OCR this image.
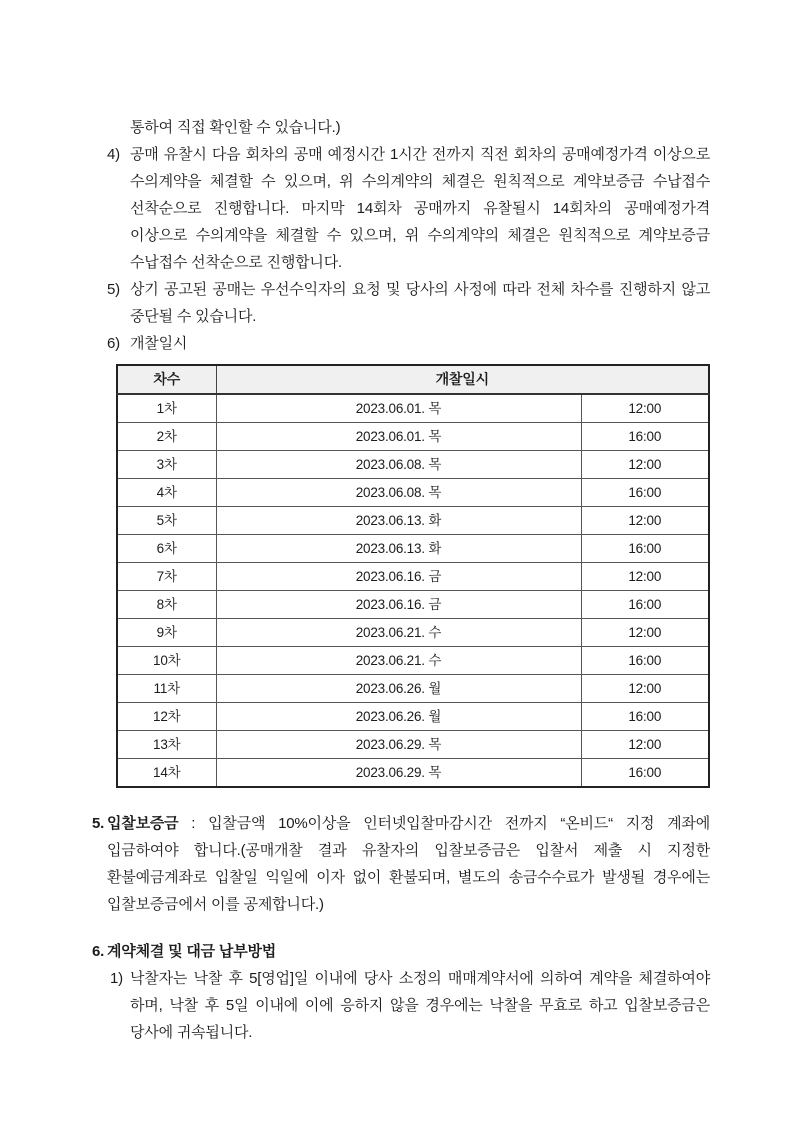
통하여 직접 확인할 수 있습니다.)
4) 공매 유찰시 다음 회차의 공매 예정시간 1시간 전까지 직전 회차의 공매예정가격 이상으로 수의계약을 체결할 수 있으며, 위 수의계약의 체결은 원칙적으로 계약보증금 수납접수 선착순으로 진행합니다. 마지막 14회차 공매까지 유찰될시 14회차의 공매예정가격 이상으로 수의계약을 체결할 수 있으며, 위 수의계약의 체결은 원칙적으로 계약보증금 수납접수 선착순으로 진행합니다.
5) 상기 공고된 공매는 우선수익자의 요청 및 당사의 사정에 따라 전체 차수를 진행하지 않고 중단될 수 있습니다.
6) 개찰일시
차수	개찰일시	
1차	2023.06.01. 목	12:00
2차	2023.06.01. 목	16:00
3차	2023.06.08. 목	12:00
4차	2023.06.08. 목	16:00
5차	2023.06.13. 화	12:00
6차	2023.06.13. 화	16:00
7차	2023.06.16. 금	12:00
8차	2023.06.16. 금	16:00
9차	2023.06.21. 수	12:00
10차	2023.06.21. 수	16:00
11차	2023.06.26. 월	12:00
12차	2023.06.26. 월	16:00
13차	2023.06.29. 목	12:00
14차	2023.06.29. 목	16:00
5. 입찰보증금 : 입찰금액 10%이상을 인터넷입찰마감시간 전까지 “온비드“ 지정 계좌에 입금하여야 합니다.(공매개찰 결과 유찰자의 입찰보증금은 입찰서 제출 시 지정한 환불예금계좌로 입찰일 익일에 이자 없이 환불되며, 별도의 송금수수료가 발생될 경우에는 입찰보증금에서 이를 공제합니다.)
6. 계약체결 및 대금 납부방법
1) 낙찰자는 낙찰 후 5[영업]일 이내에 당사 소정의 매매계약서에 의하여 계약을 체결하여야 하며, 낙찰 후 5일 이내에 이에 응하지 않을 경우에는 낙찰을 무효로 하고 입찰보증금은 당사에 귀속됩니다.
